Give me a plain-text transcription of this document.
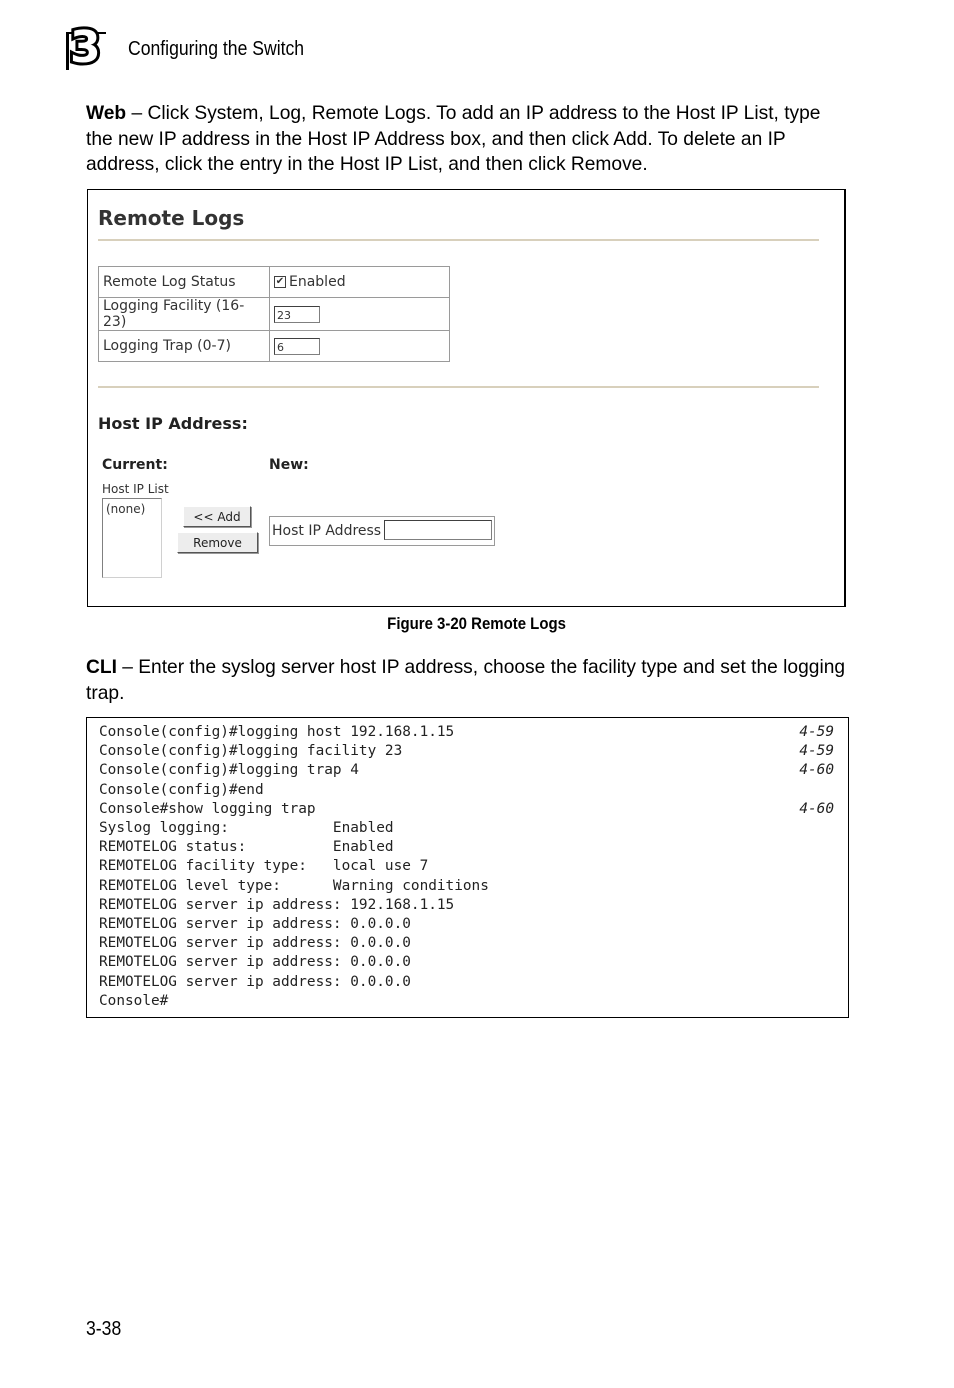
3 Configuring the Switch
Web – Click System, Log, Remote Logs. To add an IP address to the Host IP List, type the new IP address in the Host IP Address box, and then click Add. To delete an IP address, click the entry in the Host IP List, and then click Remove.
Remote Logs
Remote Log Status	✔ Enabled
Logging Facility (16-23)	23
Logging Trap (0-7)	6
Host IP Address:
Current:	New:
Host IP List
(none)
<< Add
Remove
Host IP Address
Figure 3-20 Remote Logs
CLI – Enter the syslog server host IP address, choose the facility type and set the logging trap.
Console(config)#logging host 192.168.1.15	4-59
Console(config)#logging facility 23	4-59
Console(config)#logging trap 4	4-60
Console(config)#end
Console#show logging trap	4-60
Syslog logging:            Enabled
REMOTELOG status:          Enabled
REMOTELOG facility type:   local use 7
REMOTELOG level type:      Warning conditions
REMOTELOG server ip address: 192.168.1.15
REMOTELOG server ip address: 0.0.0.0
REMOTELOG server ip address: 0.0.0.0
REMOTELOG server ip address: 0.0.0.0
REMOTELOG server ip address: 0.0.0.0
Console#
3-38
